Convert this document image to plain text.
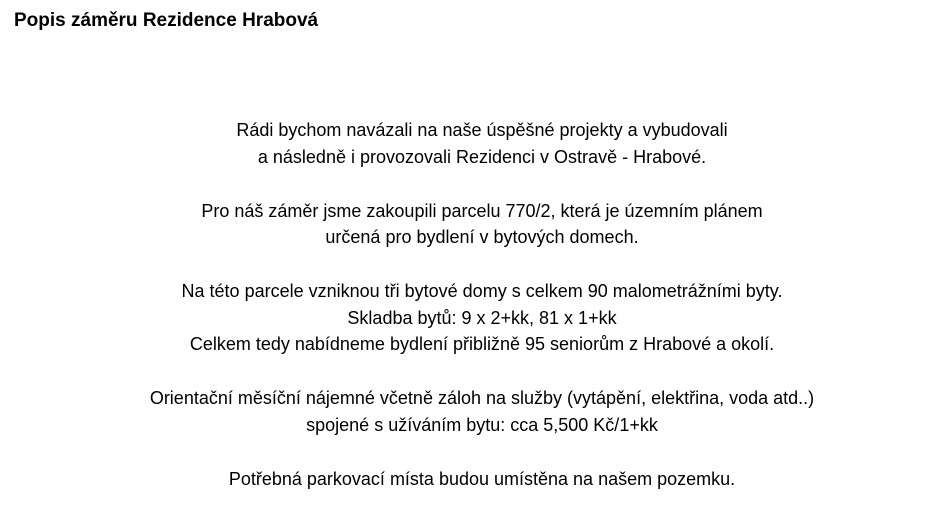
Popis záměru Rezidence Hrabová

Rádi bychom navázali na naše úspěšné projekty a vybudovali
a následně i provozovali Rezidenci v Ostravě - Hrabové.

Pro náš záměr jsme zakoupili parcelu 770/2, která je územním plánem
určená pro bydlení v bytových domech.

Na této parcele vzniknou tři bytové domy s celkem 90 malometrážními byty.
Skladba bytů: 9 x 2+kk, 81 x 1+kk
Celkem tedy nabídneme bydlení přibližně 95 seniorům z Hrabové a okolí.

Orientační měsíční nájemné včetně záloh na služby (vytápění, elektřina, voda atd..)
spojené s užíváním bytu: cca 5,500 Kč/1+kk

Potřebná parkovací místa budou umístěna na našem pozemku.
